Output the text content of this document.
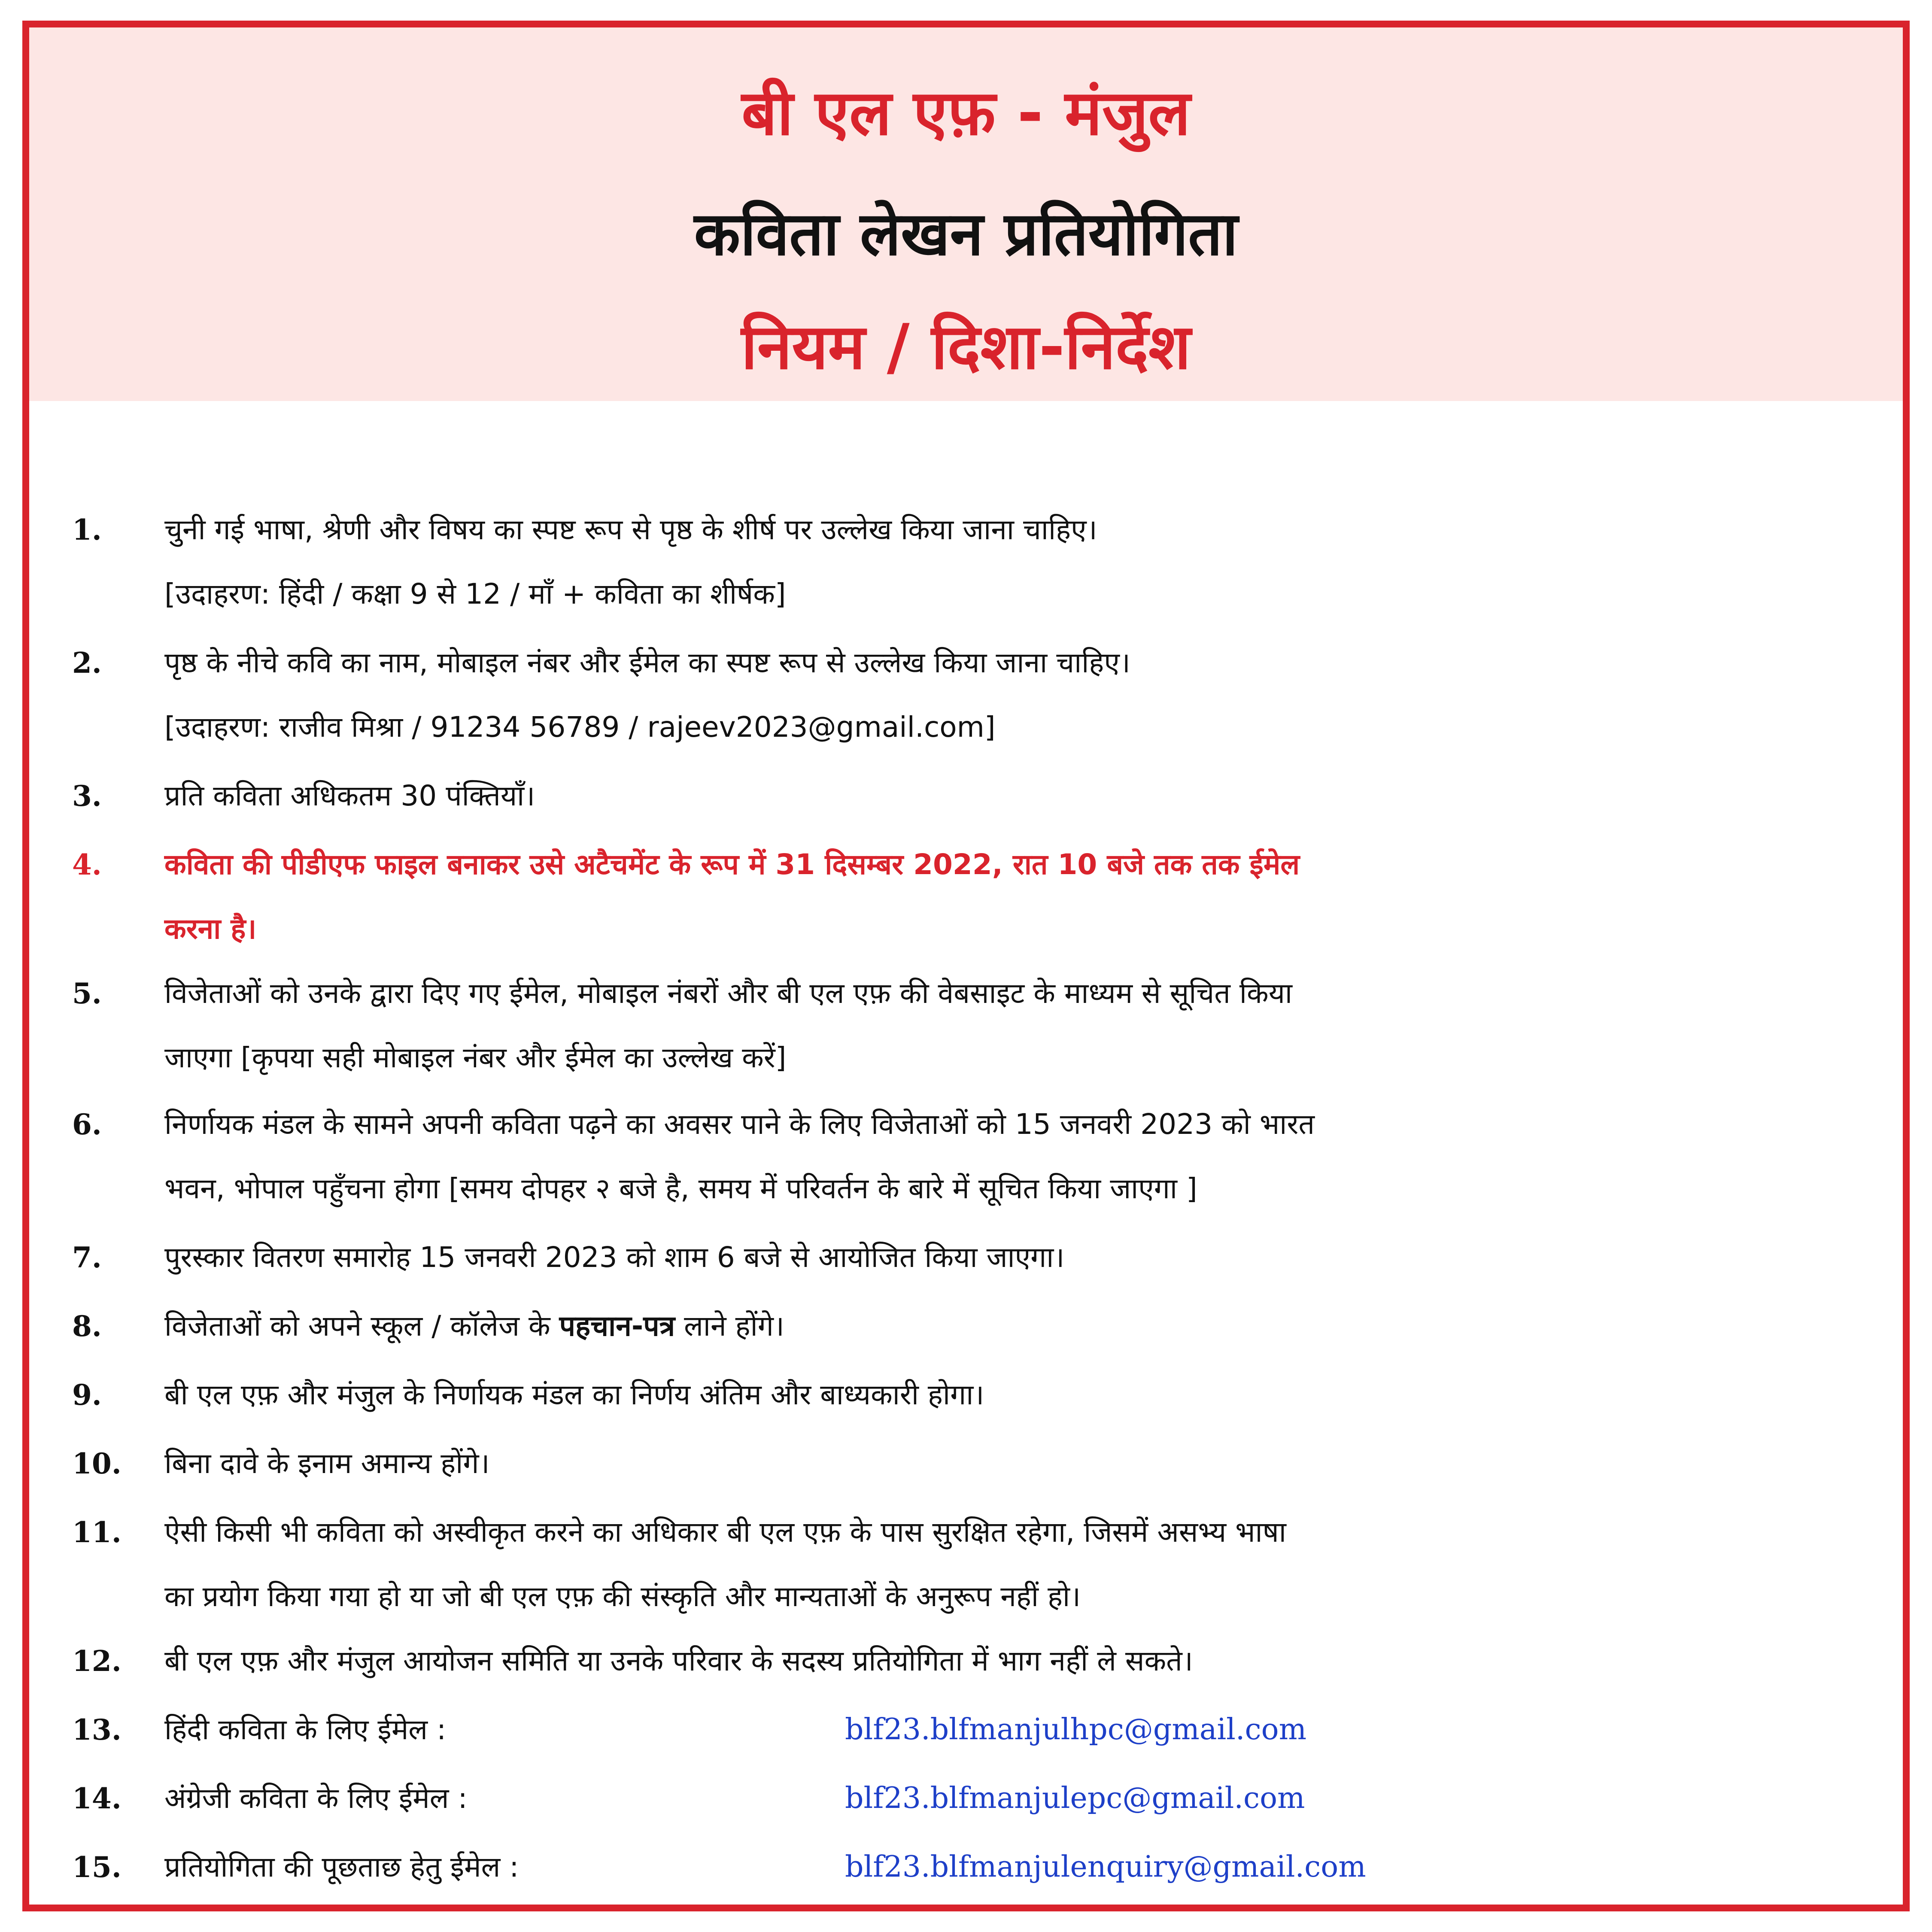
बी एल एफ़ - मंजुल
कविता लेखन प्रतियोगिता
नियम / दिशा-निर्देश
1.	चुनी गई भाषा, श्रेणी और विषय का स्पष्ट रूप से पृष्ठ के शीर्ष पर उल्लेख किया जाना चाहिए।
[उदाहरण: हिंदी / कक्षा 9 से 12 / माँ + कविता का शीर्षक]
2.	पृष्ठ के नीचे कवि का नाम, मोबाइल नंबर और ईमेल का स्पष्ट रूप से उल्लेख किया जाना चाहिए।
[उदाहरण: राजीव मिश्रा / 91234 56789 / rajeev2023@gmail.com]
3.	प्रति कविता अधिकतम 30 पंक्तियाँ।
4.	कविता की पीडीएफ फाइल बनाकर उसे अटैचमेंट के रूप में 31 दिसम्बर 2022, रात 10 बजे तक तक ईमेल
करना है।
5.	विजेताओं को उनके द्वारा दिए गए ईमेल, मोबाइल नंबरों और बी एल एफ़ की वेबसाइट के माध्यम से सूचित किया
जाएगा [कृपया सही मोबाइल नंबर और ईमेल का उल्लेख करें]
6.	निर्णायक मंडल के सामने अपनी कविता पढ़ने का अवसर पाने के लिए विजेताओं को 15 जनवरी 2023 को भारत
भवन, भोपाल पहुँचना होगा [समय दोपहर २ बजे है, समय में परिवर्तन के बारे में सूचित किया जाएगा ]
7.	पुरस्कार वितरण समारोह 15 जनवरी 2023 को शाम 6 बजे से आयोजित किया जाएगा।
8.	विजेताओं को अपने स्कूल / कॉलेज के पहचान-पत्र लाने होंगे।
9.	बी एल एफ़ और मंजुल के निर्णायक मंडल का निर्णय अंतिम और बाध्यकारी होगा।
10.	बिना दावे के इनाम अमान्य होंगे।
11.	ऐसी किसी भी कविता को अस्वीकृत करने का अधिकार बी एल एफ़ के पास सुरक्षित रहेगा, जिसमें असभ्य भाषा
का प्रयोग किया गया हो या जो बी एल एफ़ की संस्कृति और मान्यताओं के अनुरूप नहीं हो।
12.	बी एल एफ़ और मंजुल आयोजन समिति या उनके परिवार के सदस्य प्रतियोगिता में भाग नहीं ले सकते।
13.	हिंदी कविता के लिए ईमेल :	blf23.blfmanjulhpc@gmail.com
14.	अंग्रेजी कविता के लिए ईमेल :	blf23.blfmanjulepc@gmail.com
15.	प्रतियोगिता की पूछताछ हेतु ईमेल :	blf23.blfmanjulenquiry@gmail.com
